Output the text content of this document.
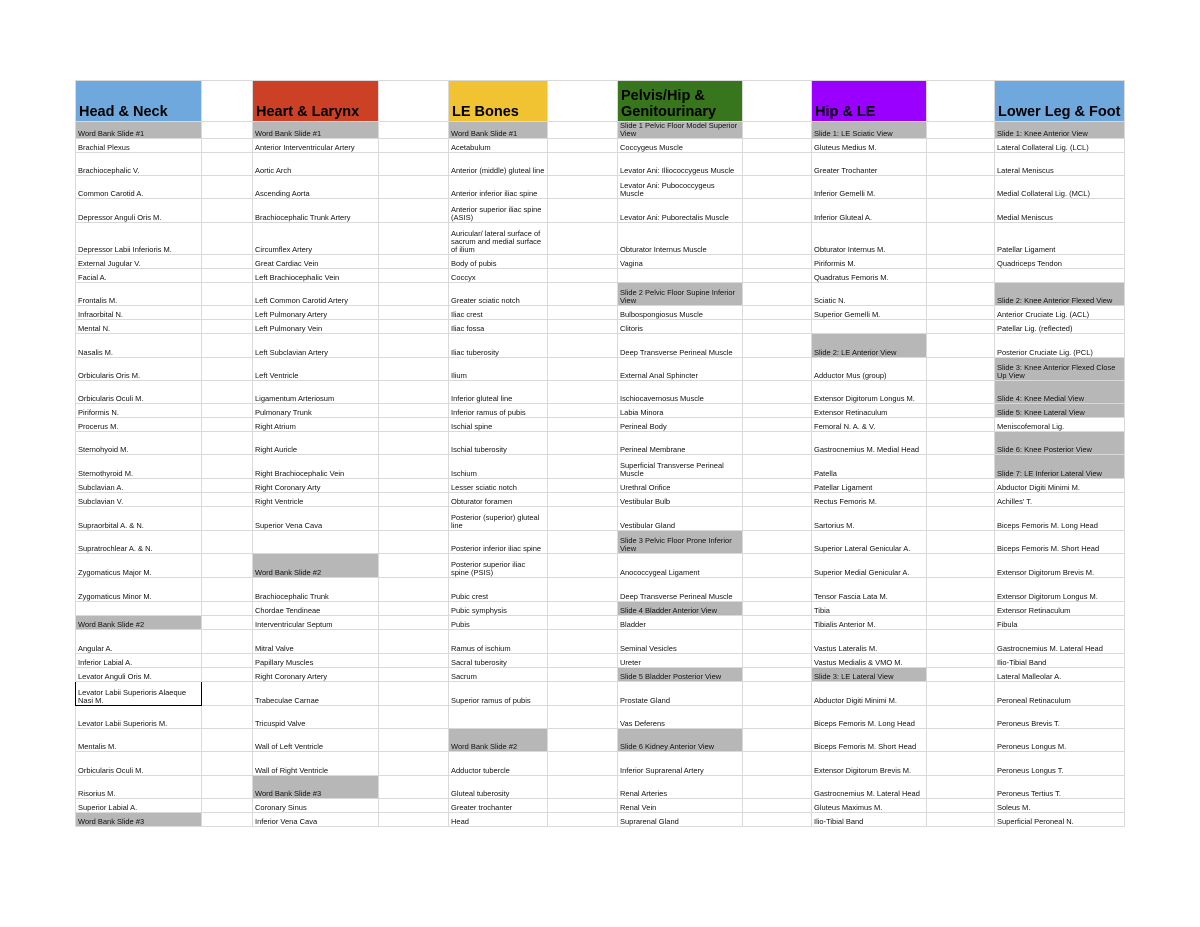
Head & Neck		Heart & Larynx		LE Bones		Pelvis/Hip & Genitourinary		Hip & LE		Lower Leg & Foot
Word Bank Slide #1		Word Bank Slide #1		Word Bank Slide #1		Slide 1 Pelvic Floor Model Superior View		Slide 1: LE Sciatic View		Slide 1: Knee Anterior View
Brachial Plexus		Anterior Interventricular Artery		Acetabulum		Coccygeus Muscle		Gluteus Medius M.		Lateral Collateral Lig. (LCL)
Brachiocephalic V.		Aortic Arch		Anterior (middle) gluteal line		Levator Ani: Illiococcygeus Muscle		Greater Trochanter		Lateral Meniscus
Common Carotid A.		Ascending Aorta		Anterior inferior iliac spine		Levator Ani: Pubococcygeus Muscle		Inferior Gemelli M.		Medial Collateral Lig. (MCL)
Depressor Anguli Oris M.		Brachiocephalic Trunk Artery		Anterior superior iliac spine (ASIS)		Levator Ani: Puborectalis Muscle		Inferior Gluteal A.		Medial Meniscus
Depressor Labii Inferioris M.		Circumflex Artery		Auricular/ lateral surface of sacrum and medial surface of ilium		Obturator Internus Muscle		Obturator Internus M.		Patellar Ligament
External Jugular V.		Great Cardiac Vein		Body of pubis		Vagina		Piriformis M.		Quadriceps Tendon
Facial A.		Left Brachiocephalic Vein		Coccyx				Quadratus Femoris M.		
Frontalis M.		Left Common Carotid Artery		Greater sciatic notch		Slide 2 Pelvic Floor Supine Inferior View		Sciatic N.		Slide 2: Knee Anterior Flexed View
Infraorbital N.		Left Pulmonary Artery		Iliac crest		Bulbospongiosus Muscle		Superior Gemelli M.		Anterior Cruciate Lig. (ACL)
Mental N.		Left Pulmonary Vein		Iliac fossa		Clitoris				Patellar Lig. (reflected)
Nasalis M.		Left Subclavian Artery		Iliac tuberosity		Deep Transverse Perineal Muscle		Slide 2: LE Anterior View		Posterior Cruciate Lig. (PCL)
Orbicularis Oris M.		Left Ventricle		Ilium		External Anal Sphincter		Adductor Mus (group)		Slide 3: Knee Anterior Flexed Close Up View
Orbicularis Oculi M.		Ligamentum Arteriosum		Inferior gluteal line		Ischiocavernosus Muscle		Extensor Digitorum Longus M.		Slide 4: Knee Medial View
Piriformis N.		Pulmonary Trunk		Inferior ramus of pubis		Labia Minora		Extensor Retinaculum		Slide 5: Knee Lateral View
Procerus M.		Right Atrium		Ischial spine		Perineal Body		Femoral N. A. & V.		Meniscofemoral Lig.
Sternohyoid M.		Right Auricle		Ischial tuberosity		Perineal Membrane		Gastrocnemius M. Medial Head		Slide 6: Knee Posterior View
Sternothyroid M.		Right Brachiocephalic Vein		Ischium		Superficial Transverse Perineal Muscle		Patella		Slide 7: LE Inferior Lateral View
Subclavian A.		Right Coronary Arty		Lesser sciatic notch		Urethral Orifice		Patellar Ligament		Abductor Digiti Minimi M.
Subclavian V.		Right Ventricle		Obturator foramen		Vestibular Bulb		Rectus Femoris M.		Achilles' T.
Supraorbital A. & N.		Superior Vena Cava		Posterior (superior) gluteal line		Vestibular Gland		Sartorius M.		Biceps Femoris M. Long Head
Supratrochlear A. & N.				Posterior inferior iliac spine		Slide 3 Pelvic Floor Prone Inferior View		Superior Lateral Genicular A.		Biceps Femoris M. Short Head
Zygomaticus Major M.		Word Bank Slide #2		Posterior superior iliac spine (PSIS)		Anococcygeal Ligament		Superior Medial Genicular A.		Extensor Digitorum Brevis M.
Zygomaticus Minor M.		Brachiocephalic Trunk		Pubic crest		Deep Transverse Perineal Muscle		Tensor Fascia Lata M.		Extensor Digitorum Longus M.
		Chordae Tendineae		Pubic symphysis		Slide 4 Bladder Anterior View		Tibia		Extensor Retinaculum
Word Bank Slide #2		Interventricular Septum		Pubis		Bladder		Tibialis Anterior M.		Fibula
Angular A.		Mitral Valve		Ramus of ischium		Seminal Vesicles		Vastus Lateralis M.		Gastrocnemius M. Lateral Head
Inferior Labial A.		Papillary Muscles		Sacral tuberosity		Ureter		Vastus Medialis & VMO M.		Ilio-Tibial Band
Levator Anguli Oris M.		Right Coronary Artery		Sacrum		Slide 5 Bladder Posterior View		Slide 3: LE Lateral View		Lateral Malleolar A.
Levator Labii Superioris Alaeque Nasi M.		Trabeculae Carnae		Superior ramus of pubis		Prostate Gland		Abductor Digiti Minimi M.		Peroneal Retinaculum
Levator Labii Superioris M.		Tricuspid Valve				Vas Deferens		Biceps Femoris M. Long Head		Peroneus Brevis T.
Mentalis M.		Wall of Left Ventricle		Word Bank Slide #2		Slide 6 Kidney Anterior View		Biceps Femoris M. Short Head		Peroneus Longus M.
Orbicularis Oculi M.		Wall of Right Ventricle		Adductor tubercle		Inferior Suprarenal Artery		Extensor Digitorum Brevis M.		Peroneus Longus T.
Risorius M.		Word Bank Slide #3		Gluteal tuberosity		Renal Arteries		Gastrocnemius M. Lateral Head		Peroneus Tertius T.
Superior Labial A.		Coronary Sinus		Greater trochanter		Renal Vein		Gluteus Maximus M.		Soleus M.
Word Bank Slide #3		Inferior Vena Cava		Head		Suprarenal Gland		Ilio-Tibial Band		Superficial Peroneal N.
